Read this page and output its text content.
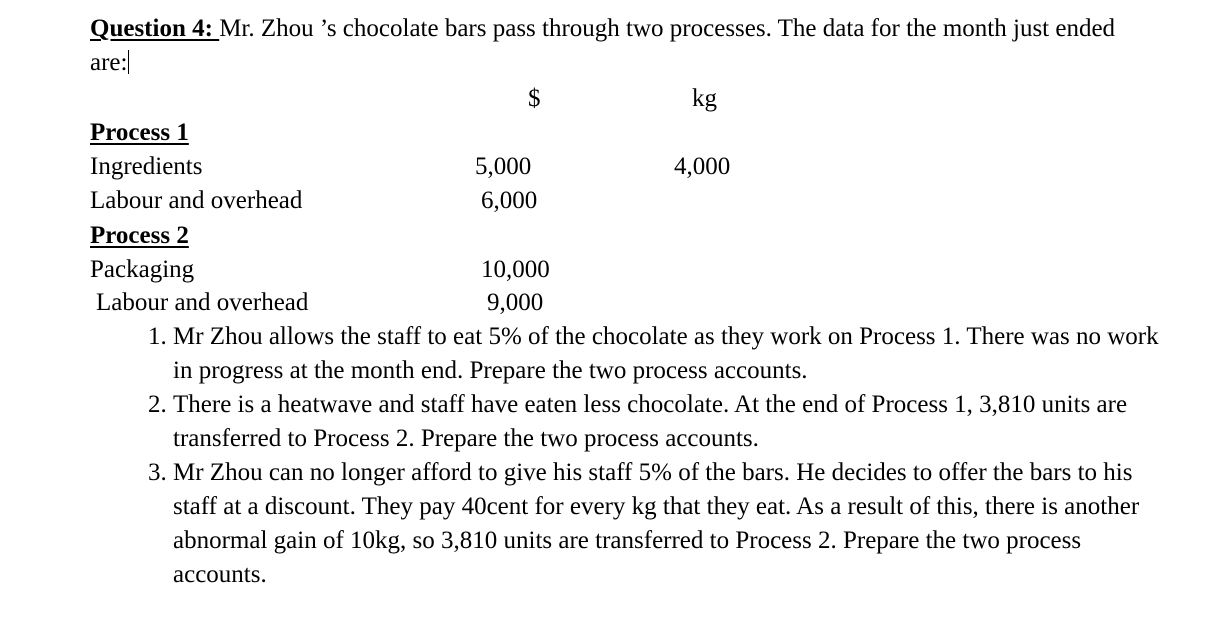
Question 4: Mr. Zhou ’s chocolate bars pass through two processes. The data for the month just ended are:
$	kg
Process 1
Ingredients	5,000	4,000
Labour and overhead	6,000
Process 2
Packaging	10,000
Labour and overhead	9,000
1. Mr Zhou allows the staff to eat 5% of the chocolate as they work on Process 1. There was no work in progress at the month end. Prepare the two process accounts.
2. There is a heatwave and staff have eaten less chocolate. At the end of Process 1, 3,810 units are transferred to Process 2. Prepare the two process accounts.
3. Mr Zhou can no longer afford to give his staff 5% of the bars. He decides to offer the bars to his staff at a discount. They pay 40cent for every kg that they eat. As a result of this, there is another abnormal gain of 10kg, so 3,810 units are transferred to Process 2. Prepare the two process accounts.
